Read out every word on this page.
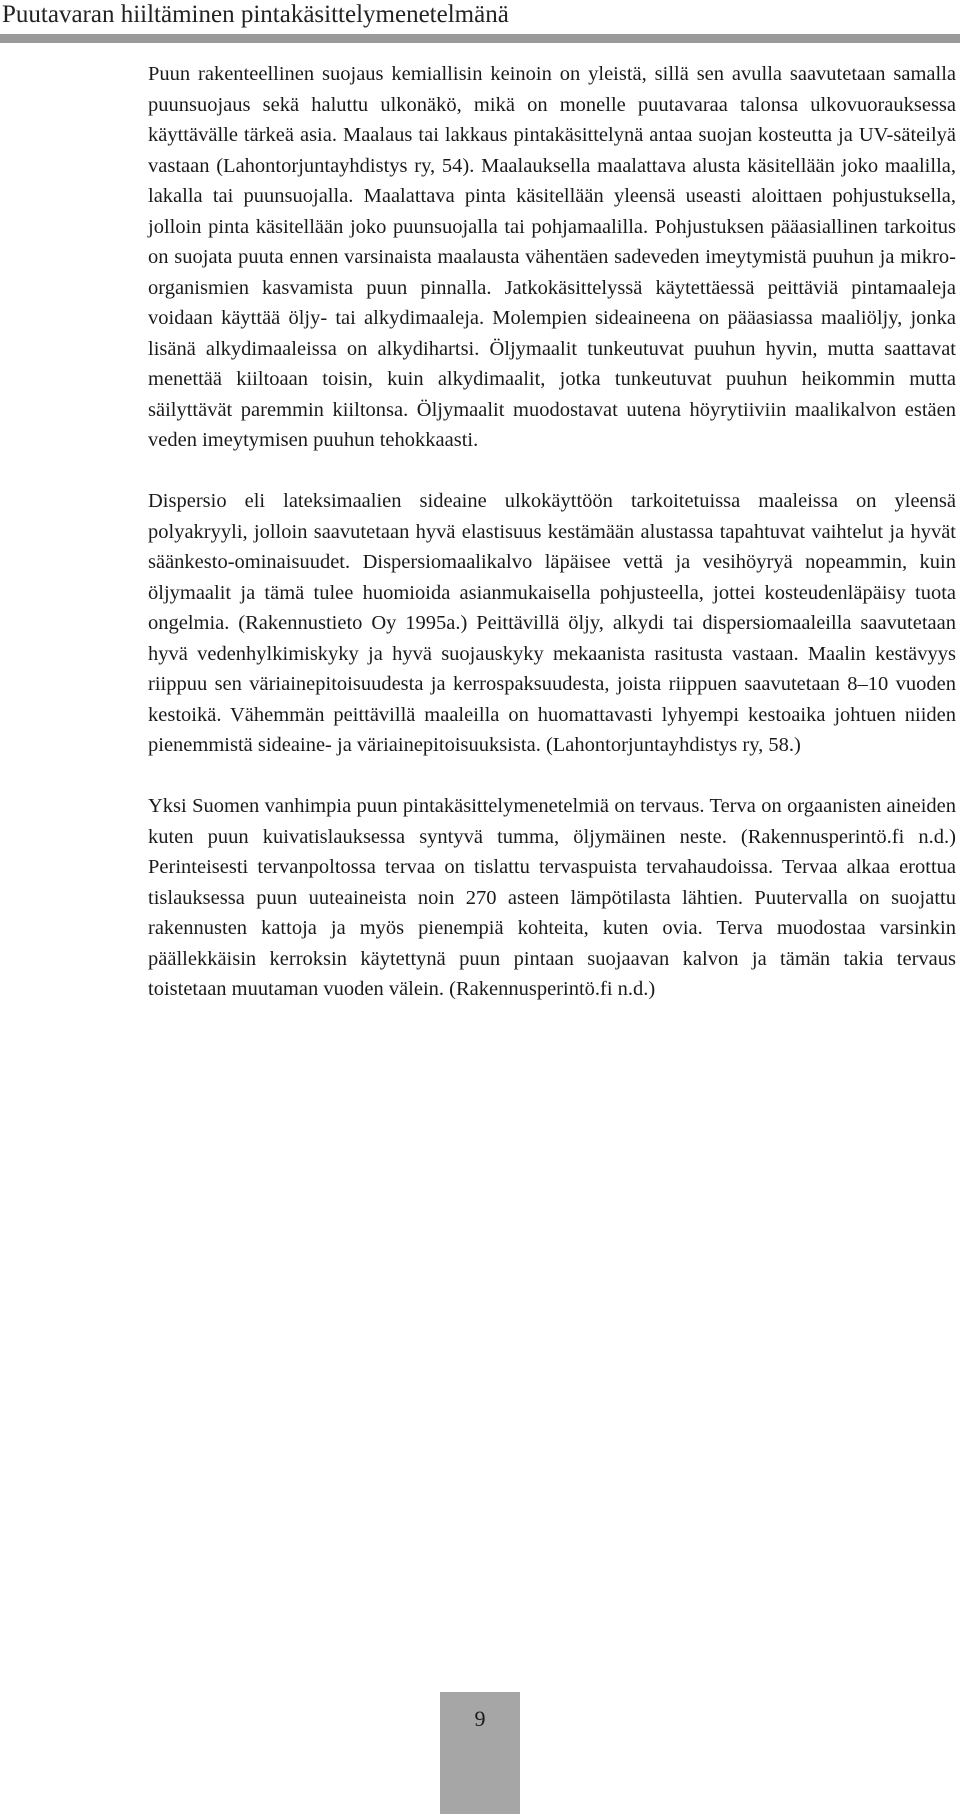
Puutavaran hiiltäminen pintakäsittelymenetelmänä

Puun rakenteellinen suojaus kemiallisin keinoin on yleistä, sillä sen avulla saavutetaan samalla puunsuojaus sekä haluttu ulkonäkö, mikä on monelle puutavaraa talonsa ulkovuorauksessa käyttävälle tärkeä asia. Maalaus tai lakkaus pintakäsittelynä antaa suojan kosteutta ja UV-säteilyä vastaan (Lahontorjuntayhdistys ry, 54). Maalauksella maalattava alusta käsitellään joko maalilla, lakalla tai puunsuojalla. Maalattava pinta käsitellään yleensä useasti aloittaen pohjustuksella, jolloin pinta käsitellään joko puunsuojalla tai pohjamaalilla. Pohjustuksen pääasiallinen tarkoitus on suojata puuta ennen varsinaista maalausta vähentäen sadeveden imeytymistä puuhun ja mikro-organismien kasvamista puun pinnalla. Jatkokäsittelyssä käytettäessä peittäviä pintamaaleja voidaan käyttää öljy- tai alkydimaaleja. Molempien sideaineena on pääasiassa maaliöljy, jonka lisänä alkydimaaleissa on alkydihartsi. Öljymaalit tunkeutuvat puuhun hyvin, mutta saattavat menettää kiiltoaan toisin, kuin alkydimaalit, jotka tunkeutuvat puuhun heikommin mutta säilyttävät paremmin kiiltonsa. Öljymaalit muodostavat uutena höyrytiiviin maalikalvon estäen veden imeytymisen puuhun tehokkaasti.

Dispersio eli lateksimaalien sideaine ulkokäyttöön tarkoitetuissa maaleissa on yleensä polyakryyli, jolloin saavutetaan hyvä elastisuus kestämään alustassa tapahtuvat vaihtelut ja hyvät säänkesto-ominaisuudet. Dispersiomaalikalvo läpäisee vettä ja vesihöyryä nopeammin, kuin öljymaalit ja tämä tulee huomioida asianmukaisella pohjusteella, jottei kosteudenläpäisy tuota ongelmia. (Rakennustieto Oy 1995a.) Peittävillä öljy, alkydi tai dispersiomaaleilla saavutetaan hyvä vedenhylkimiskyky ja hyvä suojauskyky mekaanista rasitusta vastaan. Maalin kestävyys riippuu sen väriainepitoisuudesta ja kerrospaksuudesta, joista riippuen saavutetaan 8–10 vuoden kestoikä. Vähemmän peittävillä maaleilla on huomattavasti lyhyempi kestoaika johtuen niiden pienemmistä sideaine- ja väriainepitoisuuksista. (Lahontorjuntayhdistys ry, 58.)

Yksi Suomen vanhimpia puun pintakäsittelymenetelmiä on tervaus. Terva on orgaanisten aineiden kuten puun kuivatislauksessa syntyvä tumma, öljymäinen neste. (Rakennusperintö.fi n.d.) Perinteisesti tervanpoltossa tervaa on tislattu tervaspuista tervahaudoissa. Tervaa alkaa erottua tislauksessa puun uuteaineista noin 270 asteen lämpötilasta lähtien. Puutervalla on suojattu rakennusten kattoja ja myös pienempiä kohteita, kuten ovia. Terva muodostaa varsinkin päällekkäisin kerroksin käytettynä puun pintaan suojaavan kalvon ja tämän takia tervaus toistetaan muutaman vuoden välein. (Rakennusperintö.fi n.d.)

9
